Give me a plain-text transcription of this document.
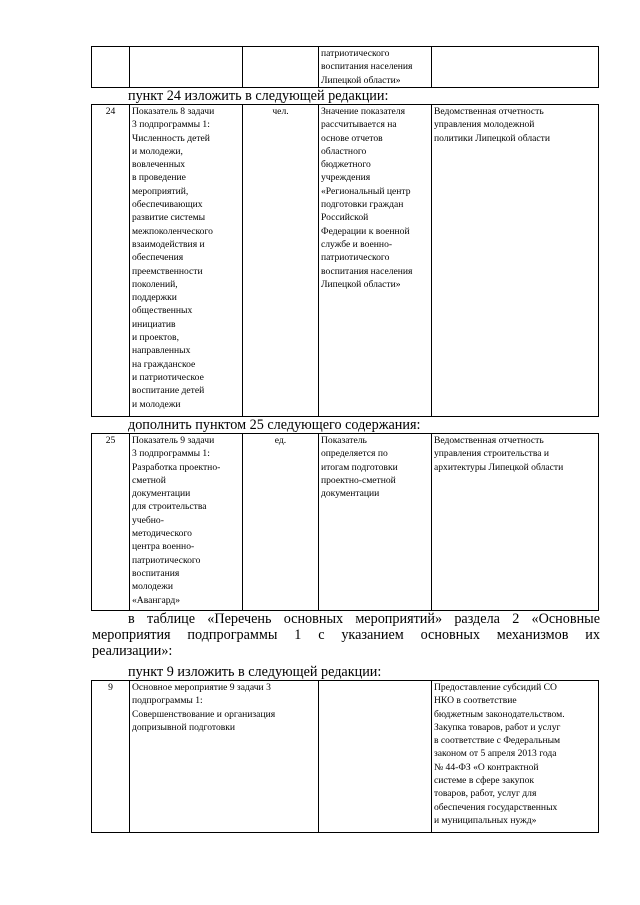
			патриотического
воспитания населения
Липецкой области»	
пункт 24 изложить в следующей редакции:
24	Показатель 8 задачи
3 подпрограммы 1:
Численность детей
и молодежи,
вовлеченных
в проведение
мероприятий,
обеспечивающих
развитие системы
межпоколенческого
взаимодействия и
обеспечения
преемственности
поколений,
поддержки
общественных
инициатив
и проектов,
направленных
на гражданское
и патриотическое
воспитание детей
и молодежи	чел.	Значение показателя
рассчитывается на
основе отчетов
областного
бюджетного
учреждения
«Региональный центр
подготовки граждан
Российской
Федерации к военной
службе и военно-
патриотического
воспитания населения
Липецкой области»	Ведомственная отчетность
управления молодежной
политики Липецкой области
дополнить пунктом 25 следующего содержания:
25	Показатель 9 задачи
3 подпрограммы 1:
Разработка проектно-
сметной
документации
для строительства
учебно-
методического
центра военно-
патриотического
воспитания
молодежи
«Авангард»	ед.	Показатель
определяется по
итогам подготовки
проектно-сметной
документации	Ведомственная отчетность
управления строительства и
архитектуры Липецкой области
в таблице «Перечень основных мероприятий» раздела 2 «Основные
мероприятия подпрограммы 1 с указанием основных механизмов их
реализации»:
пункт 9 изложить в следующей редакции:
9	Основное мероприятие 9 задачи 3
подпрограммы 1:
Совершенствование и организация
допризывной подготовки		Предоставление субсидий СО
НКО в соответствие
бюджетным законодательством.
Закупка товаров, работ и услуг
в соответствие с Федеральным
законом от 5 апреля 2013 года
№ 44-ФЗ «О контрактной
системе в сфере закупок
товаров, работ, услуг для
обеспечения государственных
и муниципальных нужд»
